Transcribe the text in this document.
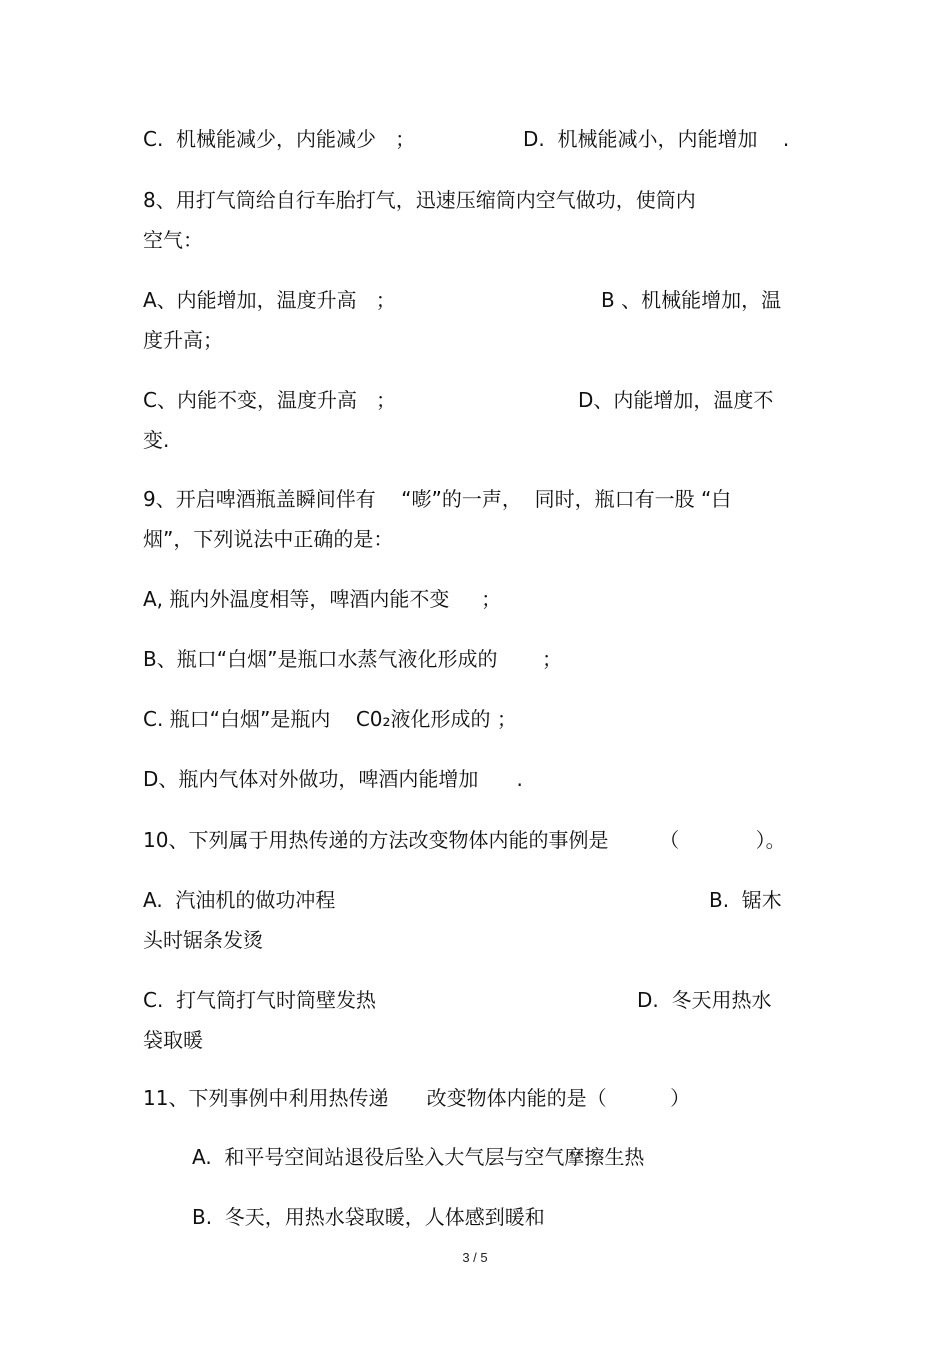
C.  机械能减少，内能减少   ；	D.  机械能减小，内能增加    .
8、用打气筒给自行车胎打气，迅速压缩筒内空气做功，使筒内
空气：
A、内能增加，温度升高   ；	B 、机械能增加，温
度升高；
C、内能不变，温度升高   ；	D、内能增加，温度不
变.
9、开启啤酒瓶盖瞬间伴有    “嘭”的一声，  同时，瓶口有一股 “白
烟”，下列说法中正确的是：
A, 瓶内外温度相等，啤酒内能不变     ；
B、瓶口“白烟”是瓶口水蒸气液化形成的       ；
C. 瓶口“白烟”是瓶内    C0₂液化形成的 ；
D、瓶内气体对外做功，啤酒内能增加      .
10、下列属于用热传递的方法改变物体内能的事例是        （            ）。
A.  汽油机的做功冲程	B.  锯木
头时锯条发烫
C.  打气筒打气时筒壁发热	D.  冬天用热水
袋取暖
11、下列事例中利用热传递      改变物体内能的是（          ）
A.  和平号空间站退役后坠入大气层与空气摩擦生热
B.  冬天，用热水袋取暖，人体感到暖和
3 / 5
